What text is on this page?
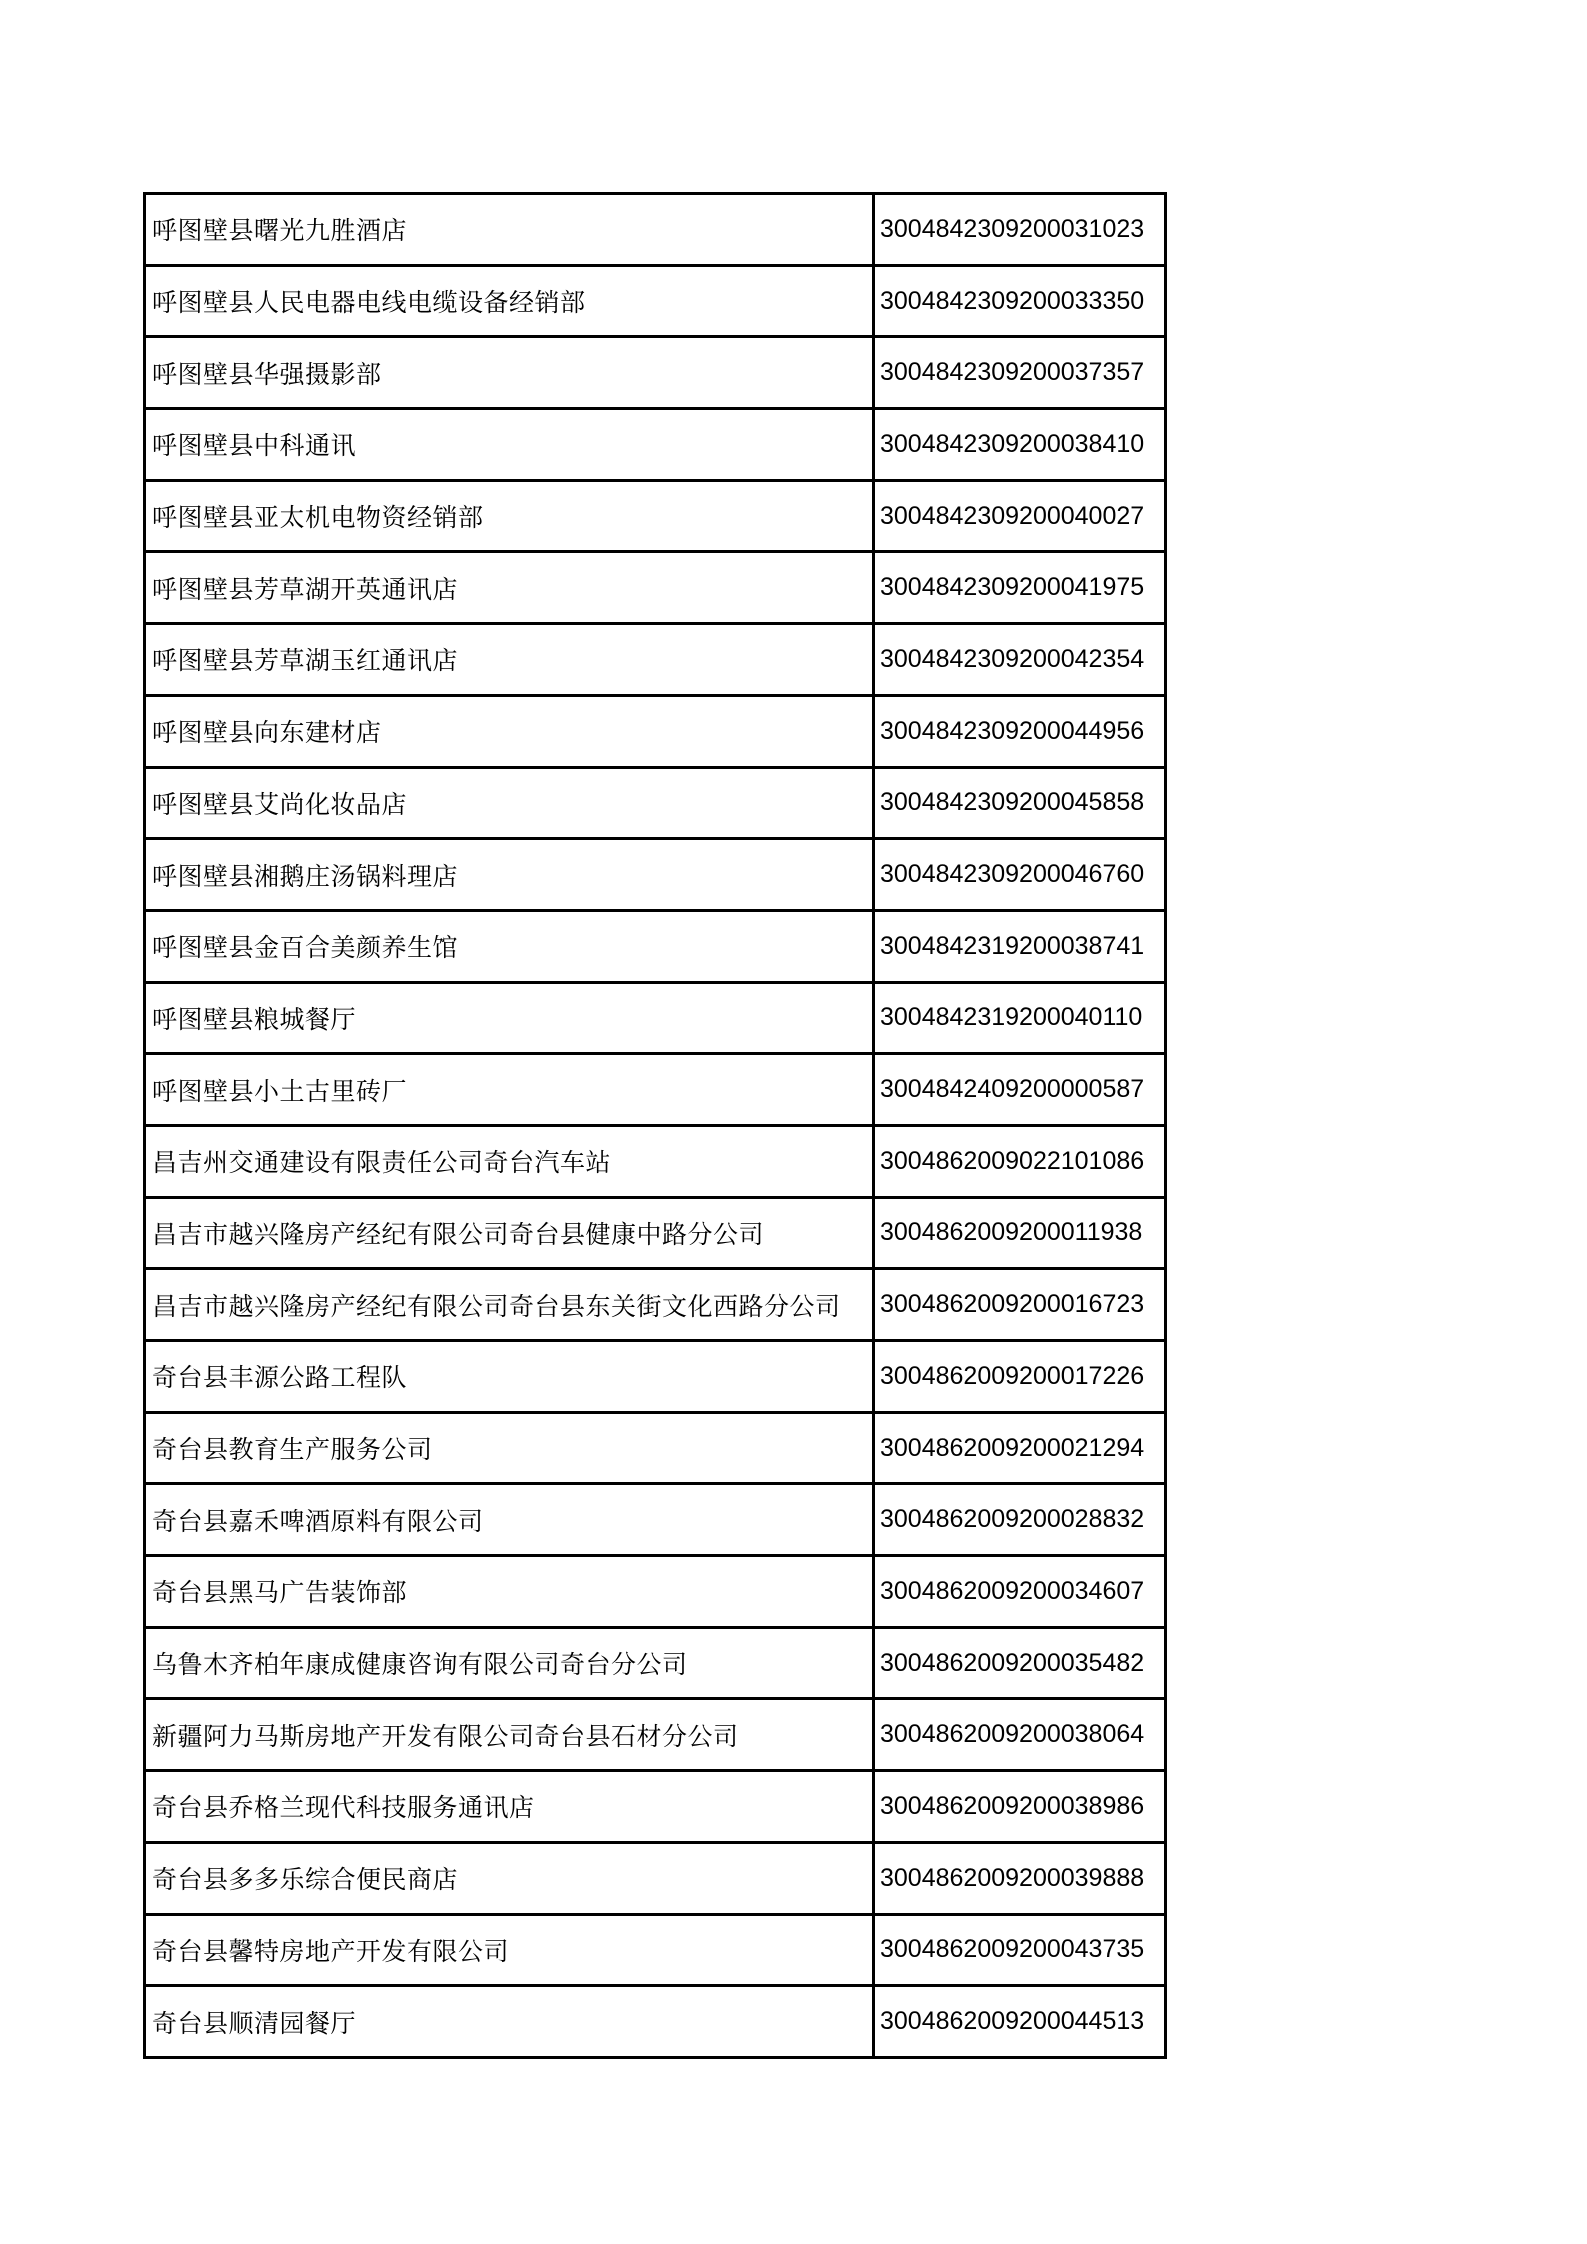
呼图壁县曙光九胜酒店	3004842309200031023
呼图壁县人民电器电线电缆设备经销部	3004842309200033350
呼图壁县华强摄影部	3004842309200037357
呼图壁县中科通讯	3004842309200038410
呼图壁县亚太机电物资经销部	3004842309200040027
呼图壁县芳草湖开英通讯店	3004842309200041975
呼图壁县芳草湖玉红通讯店	3004842309200042354
呼图壁县向东建材店	3004842309200044956
呼图壁县艾尚化妆品店	3004842309200045858
呼图壁县湘鹅庄汤锅料理店	3004842309200046760
呼图壁县金百合美颜养生馆	3004842319200038741
呼图壁县粮城餐厅	3004842319200040110
呼图壁县小土古里砖厂	3004842409200000587
昌吉州交通建设有限责任公司奇台汽车站	3004862009022101086
昌吉市越兴隆房产经纪有限公司奇台县健康中路分公司	3004862009200011938
昌吉市越兴隆房产经纪有限公司奇台县东关街文化西路分公司	3004862009200016723
奇台县丰源公路工程队	3004862009200017226
奇台县教育生产服务公司	3004862009200021294
奇台县嘉禾啤酒原料有限公司	3004862009200028832
奇台县黑马广告装饰部	3004862009200034607
乌鲁木齐柏年康成健康咨询有限公司奇台分公司	3004862009200035482
新疆阿力马斯房地产开发有限公司奇台县石材分公司	3004862009200038064
奇台县乔格兰现代科技服务通讯店	3004862009200038986
奇台县多多乐综合便民商店	3004862009200039888
奇台县馨特房地产开发有限公司	3004862009200043735
奇台县顺清园餐厅	3004862009200044513
